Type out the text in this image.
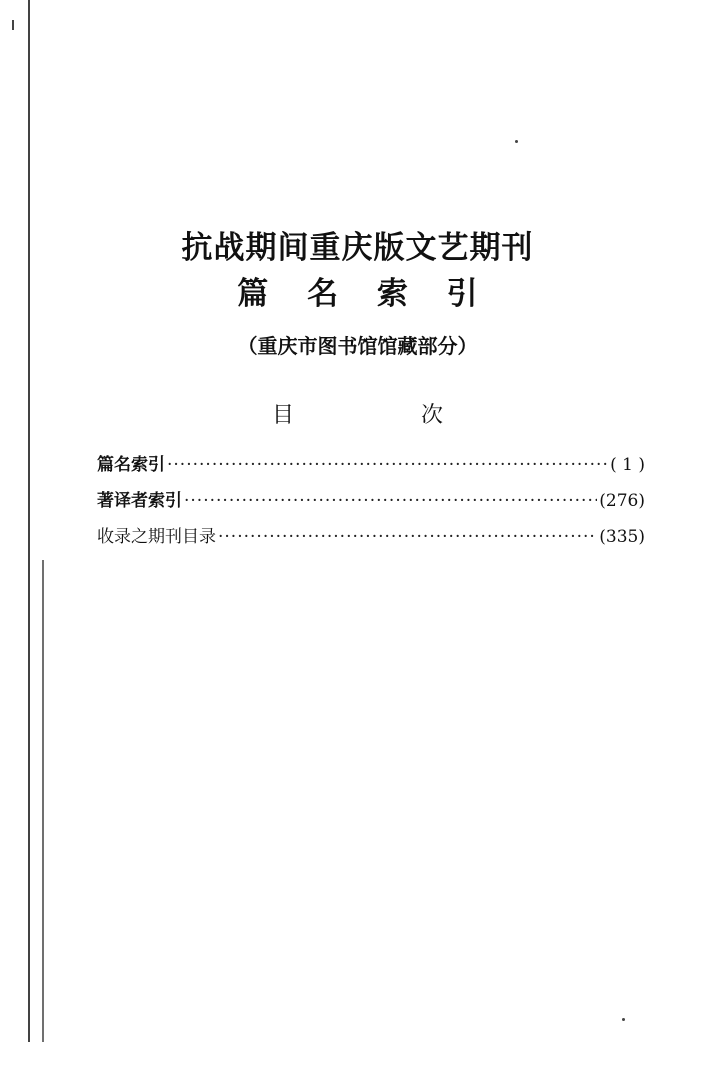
抗战期间重庆版文艺期刊
篇 名 索 引
（重庆市图书馆馆藏部分）
目 次
篇名索引 ·····	( 1 )
著译者索引 ·····	(276)
收录之期刊目录 ·····	(335)
